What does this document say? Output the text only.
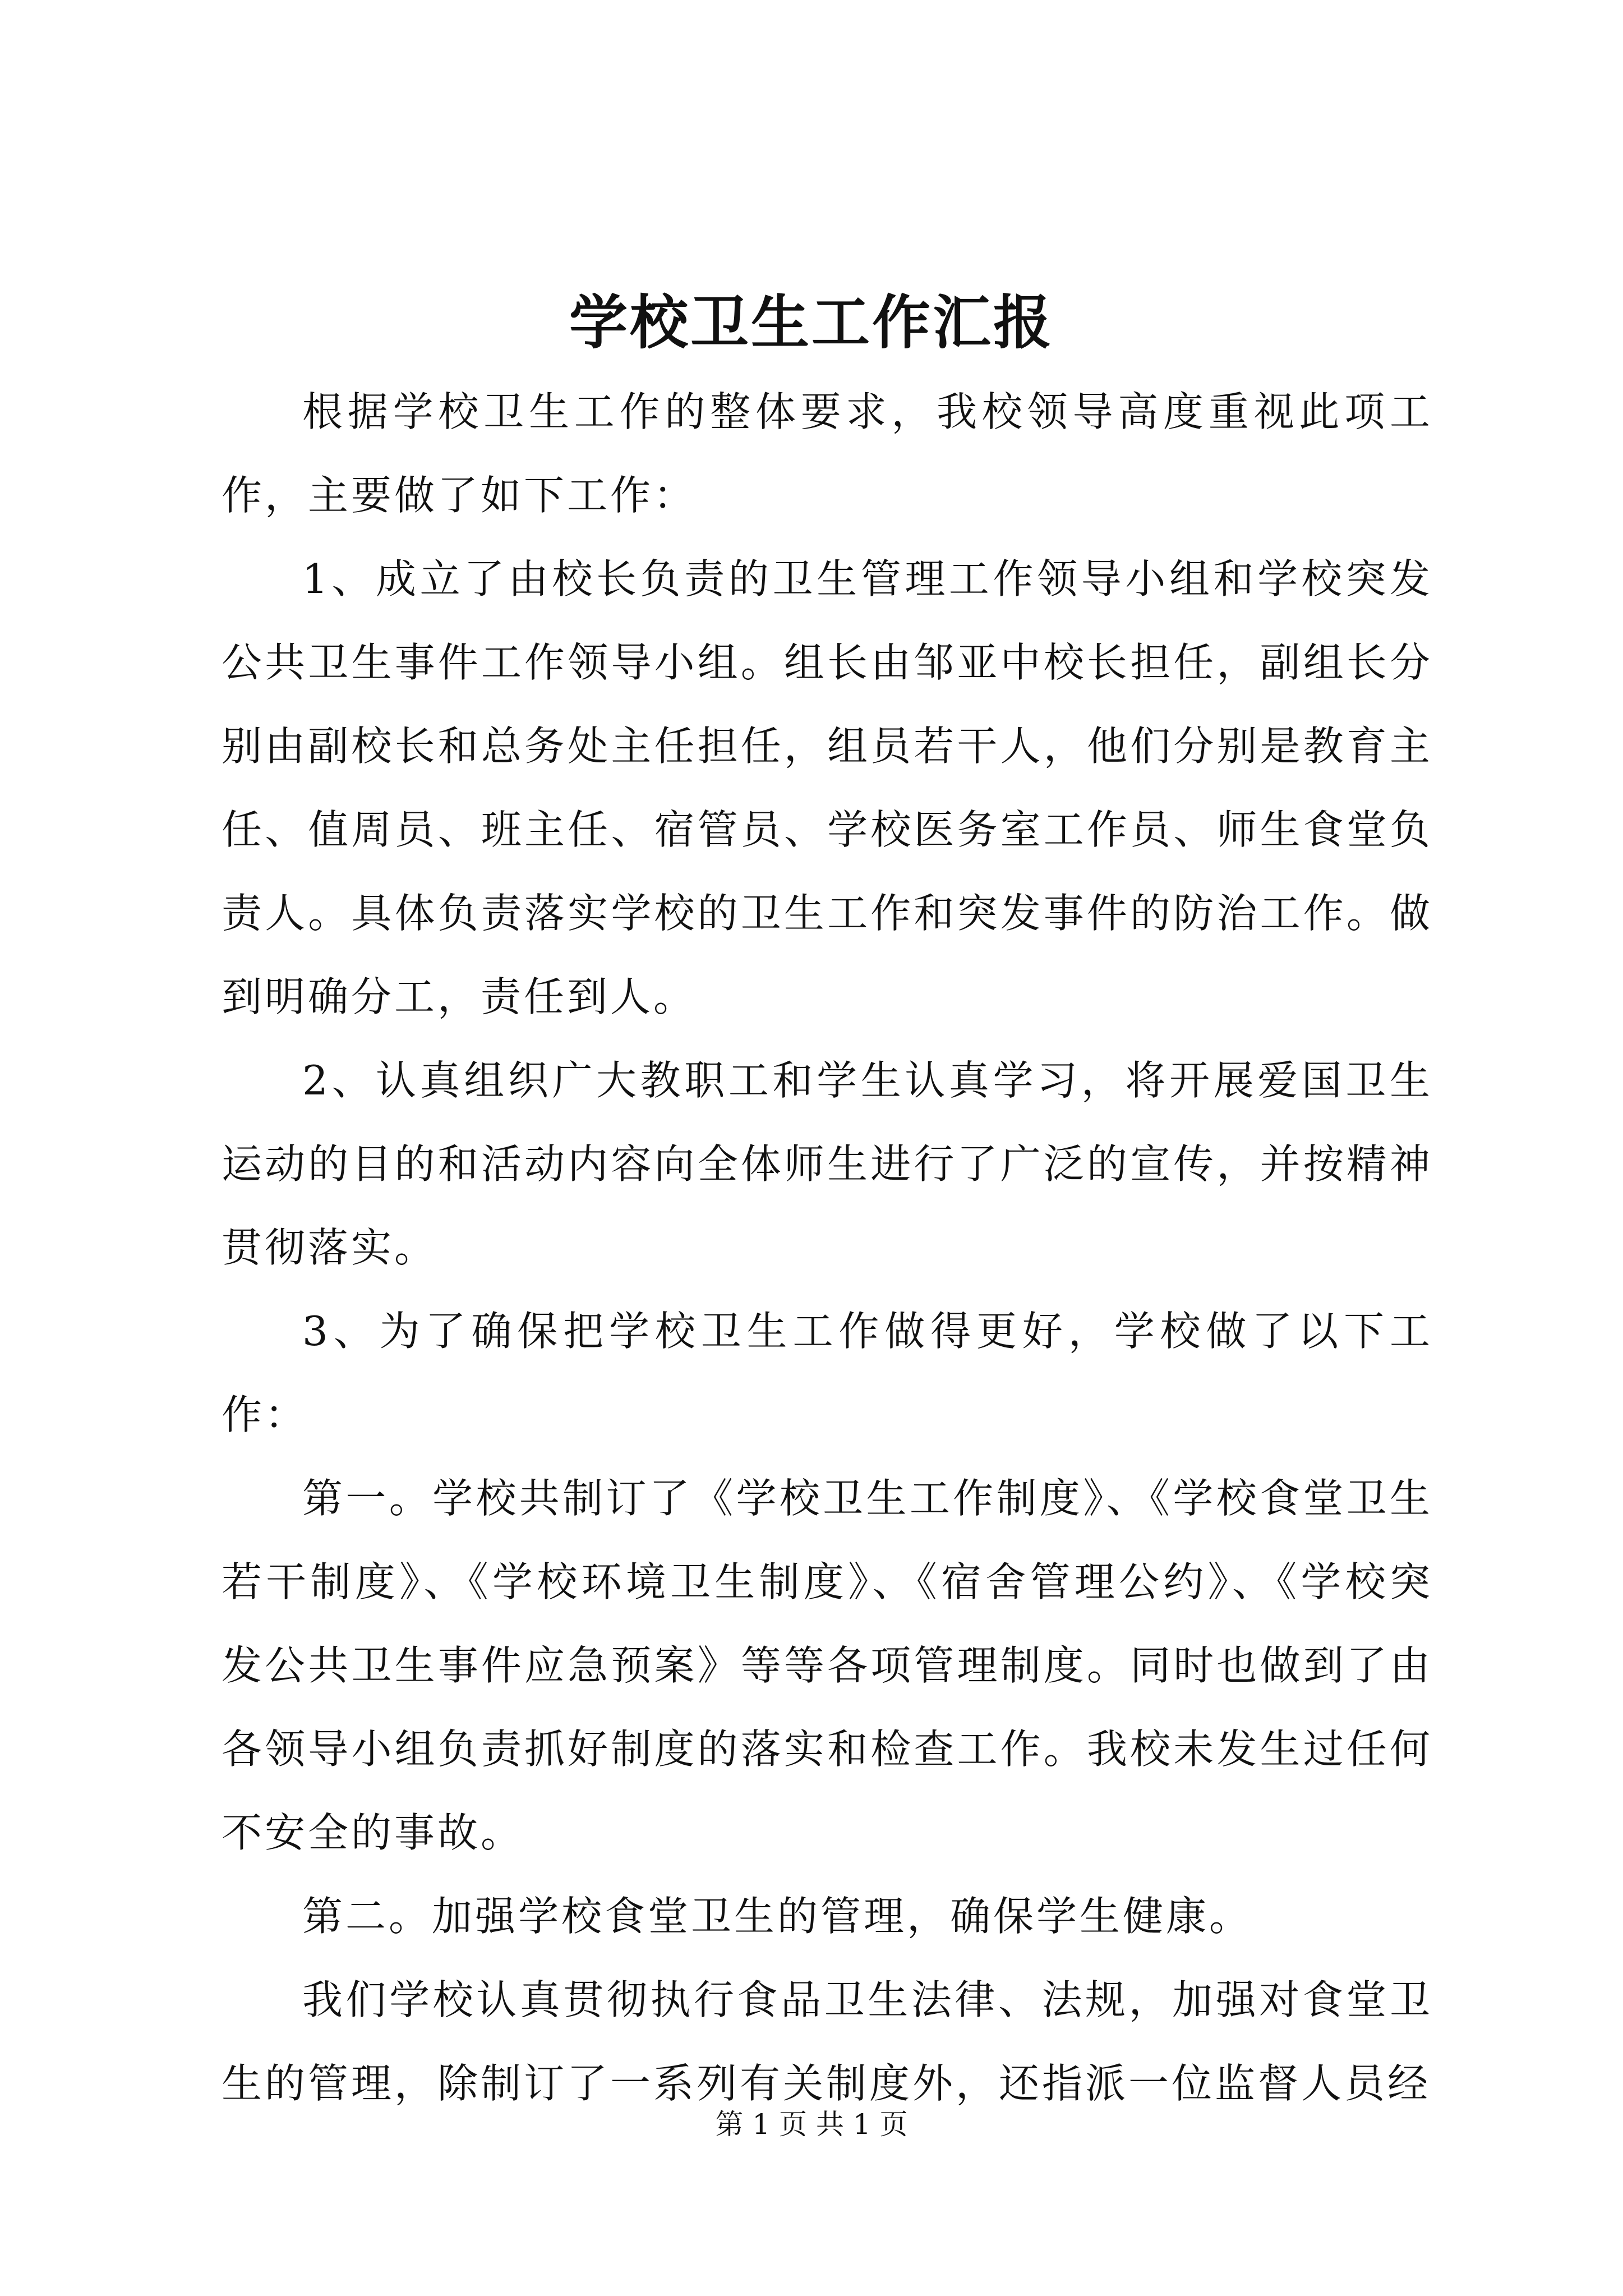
学校卫生工作汇报

根据学校卫生工作的整体要求，我校领导高度重视此项工作，主要做了如下工作：

1、成立了由校长负责的卫生管理工作领导小组和学校突发公共卫生事件工作领导小组。组长由邹亚中校长担任，副组长分别由副校长和总务处主任担任，组员若干人，他们分别是教育主任、值周员、班主任、宿管员、学校医务室工作员、师生食堂负责人。具体负责落实学校的卫生工作和突发事件的防治工作。做到明确分工，责任到人。

2、认真组织广大教职工和学生认真学习，将开展爱国卫生运动的目的和活动内容向全体师生进行了广泛的宣传，并按精神贯彻落实。

3、为了确保把学校卫生工作做得更好，学校做了以下工作：

第一。学校共制订了《学校卫生工作制度》、《学校食堂卫生若干制度》、《学校环境卫生制度》、《宿舍管理公约》、《学校突发公共卫生事件应急预案》等等各项管理制度。同时也做到了由各领导小组负责抓好制度的落实和检查工作。我校未发生过任何不安全的事故。

第二。加强学校食堂卫生的管理，确保学生健康。

我们学校认真贯彻执行食品卫生法律、法规，加强对食堂卫生的管理，除制订了一系列有关制度外，还指派一位监督人员经

第 1 页 共 1 页
